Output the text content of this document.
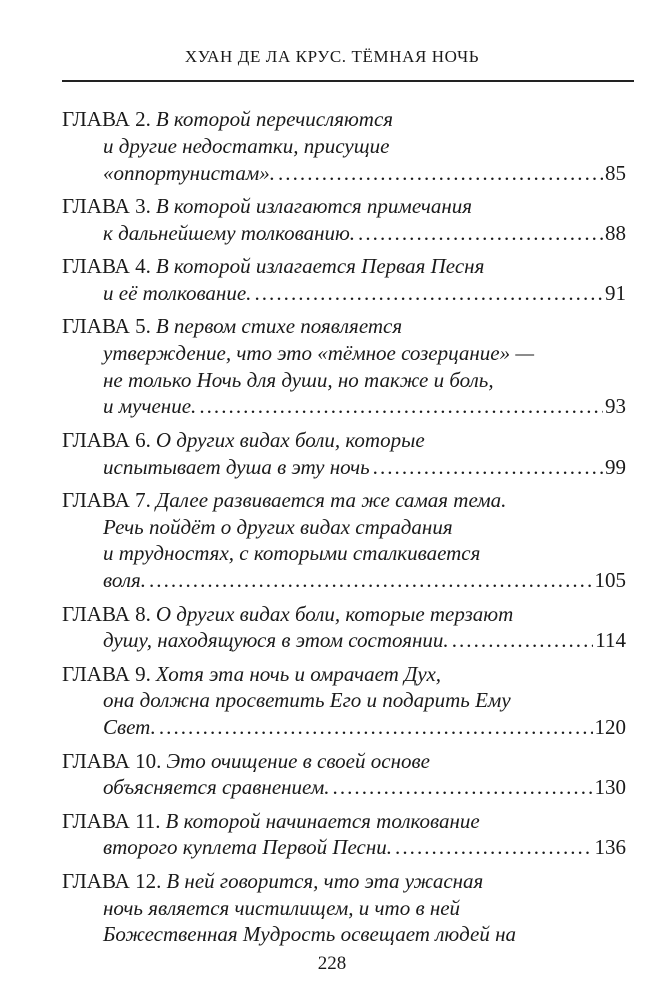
ХУАН ДЕ ЛА КРУС. ТЁМНАЯ НОЧЬ
ГЛАВА 2. В которой перечисляются
и другие недостатки, присущие
«оппортунистам». . . .	85
ГЛАВА 3. В которой излагаются примечания
к дальнейшему толкованию. . . .	88
ГЛАВА 4. В которой излагается Первая Песня
и её толкование. . . .	91
ГЛАВА 5. В первом стихе появляется
утверждение, что это «тёмное созерцание» —
не только Ночь для души, но также и боль,
и мучение. . . .	93
ГЛАВА 6. О других видах боли, которые
испытывает душа в эту ночь . . .	99
ГЛАВА 7. Далее развивается та же самая тема.
Речь пойдёт о других видах страдания
и трудностях, с которыми сталкивается
воля. . . .	105
ГЛАВА 8. О других видах боли, которые терзают
душу, находящуюся в этом состоянии. . . .	114
ГЛАВА 9. Хотя эта ночь и омрачает Дух,
она должна просветить Его и подарить Ему
Свет. . . .	120
ГЛАВА 10. Это очищение в своей основе
объясняется сравнением. . . .	130
ГЛАВА 11. В которой начинается толкование
второго куплета Первой Песни. . . .	136
ГЛАВА 12. В ней говорится, что эта ужасная
ночь является чистилищем, и что в ней
Божественная Мудрость освещает людей на
228
